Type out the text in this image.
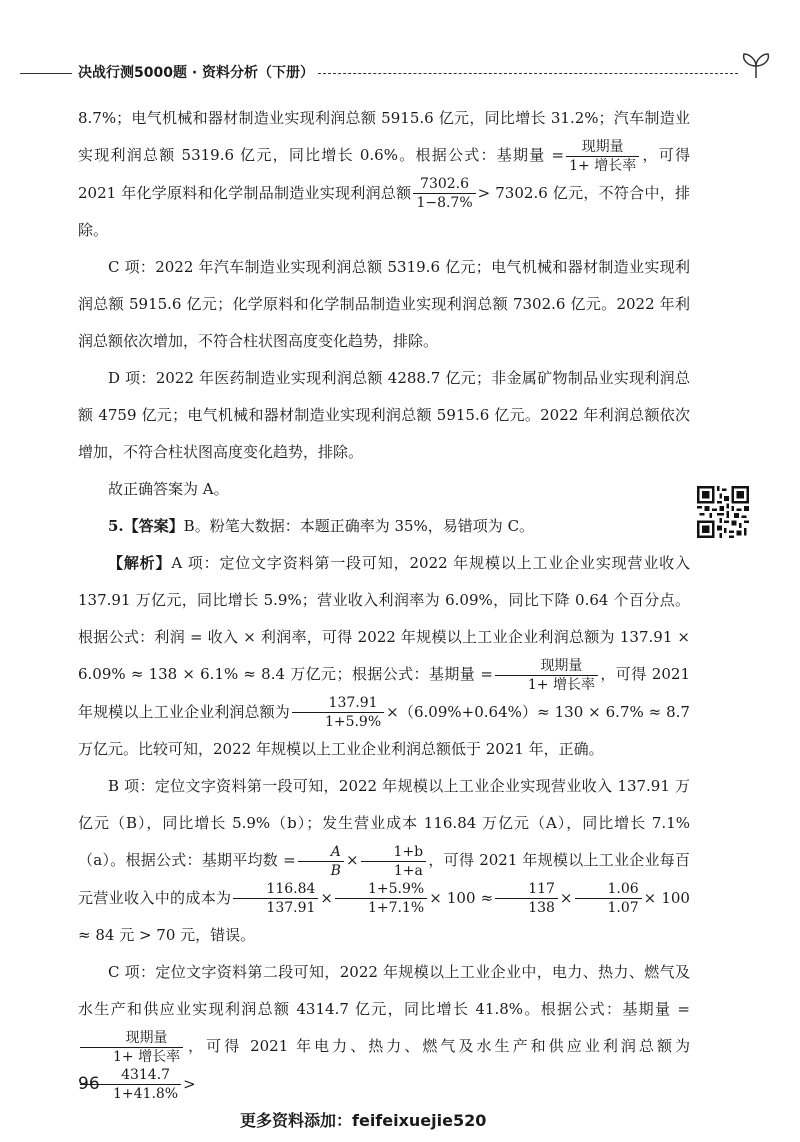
决战行测5000题 · 资料分析（下册）

8.7%；电气机械和器材制造业实现利润总额 5915.6 亿元，同比增长 31.2%；汽车制造业实现利润总额 5319.6 亿元，同比增长 0.6%。根据公式：基期量 = $\frac{\text{现期量}}{\text{1+ 增长率}}$ ，可得 2021 年化学原料和化学制品制造业实现利润总额 $\frac{7302.6}{1-8.7\%} > 7302.6$ 亿元，不符合中，排除。

C 项：2022 年汽车制造业实现利润总额 5319.6 亿元；电气机械和器材制造业实现利润总额 5915.6 亿元；化学原料和化学制品制造业实现利润总额 7302.6 亿元。2022 年利润总额依次增加，不符合柱状图高度变化趋势，排除。

D 项：2022 年医药制造业实现利润总额 4288.7 亿元；非金属矿物制品业实现利润总额 4759 亿元；电气机械和器材制造业实现利润总额 5915.6 亿元。2022 年利润总额依次增加，不符合柱状图高度变化趋势，排除。

故正确答案为 A。

5.【答案】B。粉笔大数据：本题正确率为 35%，易错项为 C。

【解析】A 项：定位文字资料第一段可知，2022 年规模以上工业企业实现营业收入 137.91 万亿元，同比增长 5.9%；营业收入利润率为 6.09%，同比下降 0.64 个百分点。根据公式：利润 = 收入 × 利润率，可得 2022 年规模以上工业企业利润总额为 137.91 × 6.09% ≈ 138 × 6.1% ≈ 8.4 万亿元；根据公式：基期量 = $\frac{\text{现期量}}{\text{1+ 增长率}}$ ，可得 2021 年规模以上工业企业利润总额为 $\frac{137.91}{1+5.9\%} \times(6.09\%+0.64\%)\approx 130 \times 6.7\% \approx 8.7$ 万亿元。比较可知，2022 年规模以上工业企业利润总额低于 2021 年，正确。

B 项：定位文字资料第一段可知，2022 年规模以上工业企业实现营业收入 137.91 万亿元（B），同比增长 5.9%（b）；发生营业成本 116.84 万亿元（A），同比增长 7.1%（a）。根据公式：基期平均数 = $\frac{A}{B} \times \frac{1+b}{1+a}$ ，可得 2021 年规模以上工业企业每百元营业收入中的成本为 $\frac{116.84}{137.91} \times \frac{1+5.9\%}{1+7.1\%} \times 100 \approx \frac{117}{138} \times \frac{1.06}{1.07} \times 100 \approx 84$ 元 > 70 元，错误。

C 项：定位文字资料第二段可知，2022 年规模以上工业企业中，电力、热力、燃气及水生产和供应业实现利润总额 4314.7 亿元，同比增长 41.8%。根据公式：基期量 =
$\frac{\text{现期量}}{\text{1+ 增长率}}$ ，可得 2021 年电力、热力、燃气及水生产和供应业利润总额为
$\frac{4314.7}{1+41.8\%}$ >

96
更多资料添加：feifeixuejie520
